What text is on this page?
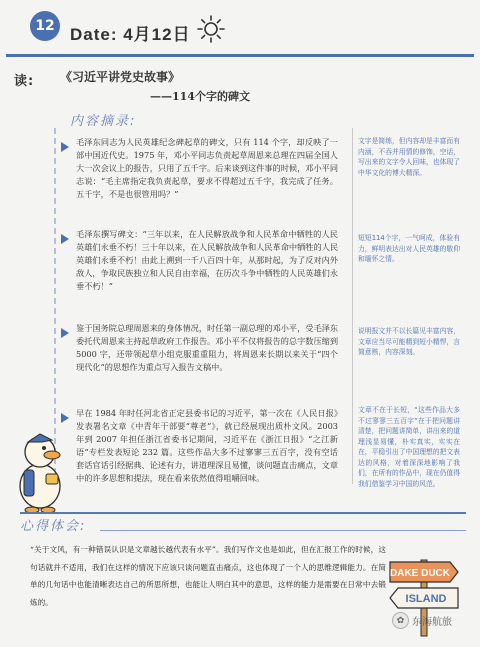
12 Date: 4月12日
读: 《习近平讲党史故事》
——114个字的碑文
内容摘录:
毛泽东同志为人民英雄纪念碑起草的碑文，只有 114 个字，却反映了一部中国近代史。1975 年，邓小平同志负责起草周恩来总理在四届全国人大一次会议上的报告，只用了五千字。后来谈到这件事的时候，邓小平同志说：“毛主席指定我负责起草，要求不得超过五千字，我完成了任务。五千字，不是也很管用吗？”
文字是简练，但内容却是丰富而有内涵，不吞并用情的修饰，空话，写出来的文字令人回味，也体现了中华文化的博大精深。
毛泽东撰写碑文：“三年以来，在人民解放战争和人民革命中牺牲的人民英雄们永垂不朽！三十年以来，在人民解放战争和人民革命中牺牲的人民英雄们永垂不朽！由此上溯到一千八百四十年，从那时起，为了反对内外敌人，争取民族独立和人民自由幸福，在历次斗争中牺牲的人民英雄们永垂不朽！”
短短114个字，一气呵成，体验有力，鲜明表达出对人民英雄的敬仰和缅怀之情。
鉴于国务院总理周恩来的身体情况，时任第一副总理的邓小平，受毛泽东委托代周恩来主持起草政府工作报告。邓小平不仅将报告的总字数压缩到 5000 字，还带领起草小组克服重重阻力，将周恩来长期以来关于“四个现代化”的思想作为重点写入报告文稿中。
说明报文并不以长篇见丰富内容，文章应当尽可能精到短小精悍，言简意赅，内容深刻。
早在 1984 年时任河北省正定县委书记的习近平，第一次在《人民日报》发表署名文章《中青年干部要“尊老”》，就已经展现出质朴文风。2003 年到 2007 年担任浙江省委书记期间，习近平在《浙江日报》“之江新语”专栏发表短论 232 篇。这些作品大多不过寥寥三五百字，没有空话套话官话引经据典、论述有力，讲道理深且易懂，谈问题直击痛点，文章中的许多思想和提法，现在看来依然值得咀嚼回味。
文章不在于长短，“这些作品大多不过寥寥三五百字”在于把问题讲清楚，把问题讲简单，讲出来的道理浅显易懂，朴实真实，实实在在，平稳引出了中国理想的把文表达的风格，对着深深地影响了我们，在所有的作品中，现在仍值得我们借鉴学习中国的风范。
心得体会:
“关于文风，有一种错误认识是文章越长越代表有水平”。我们写作文也是如此，但在汇报工作的时候，这句话就并不适用，我们在这样的情况下应该只谈问题直击痛点，这也体现了一个人的思维逻辑能力。在简单的几句话中也能清晰表达自己的所思所想，也能让人明白其中的意思，这样的能力是需要在日常中去锻炼的。
DAKE DUCK
ISLAND
✿ 东海航旅
